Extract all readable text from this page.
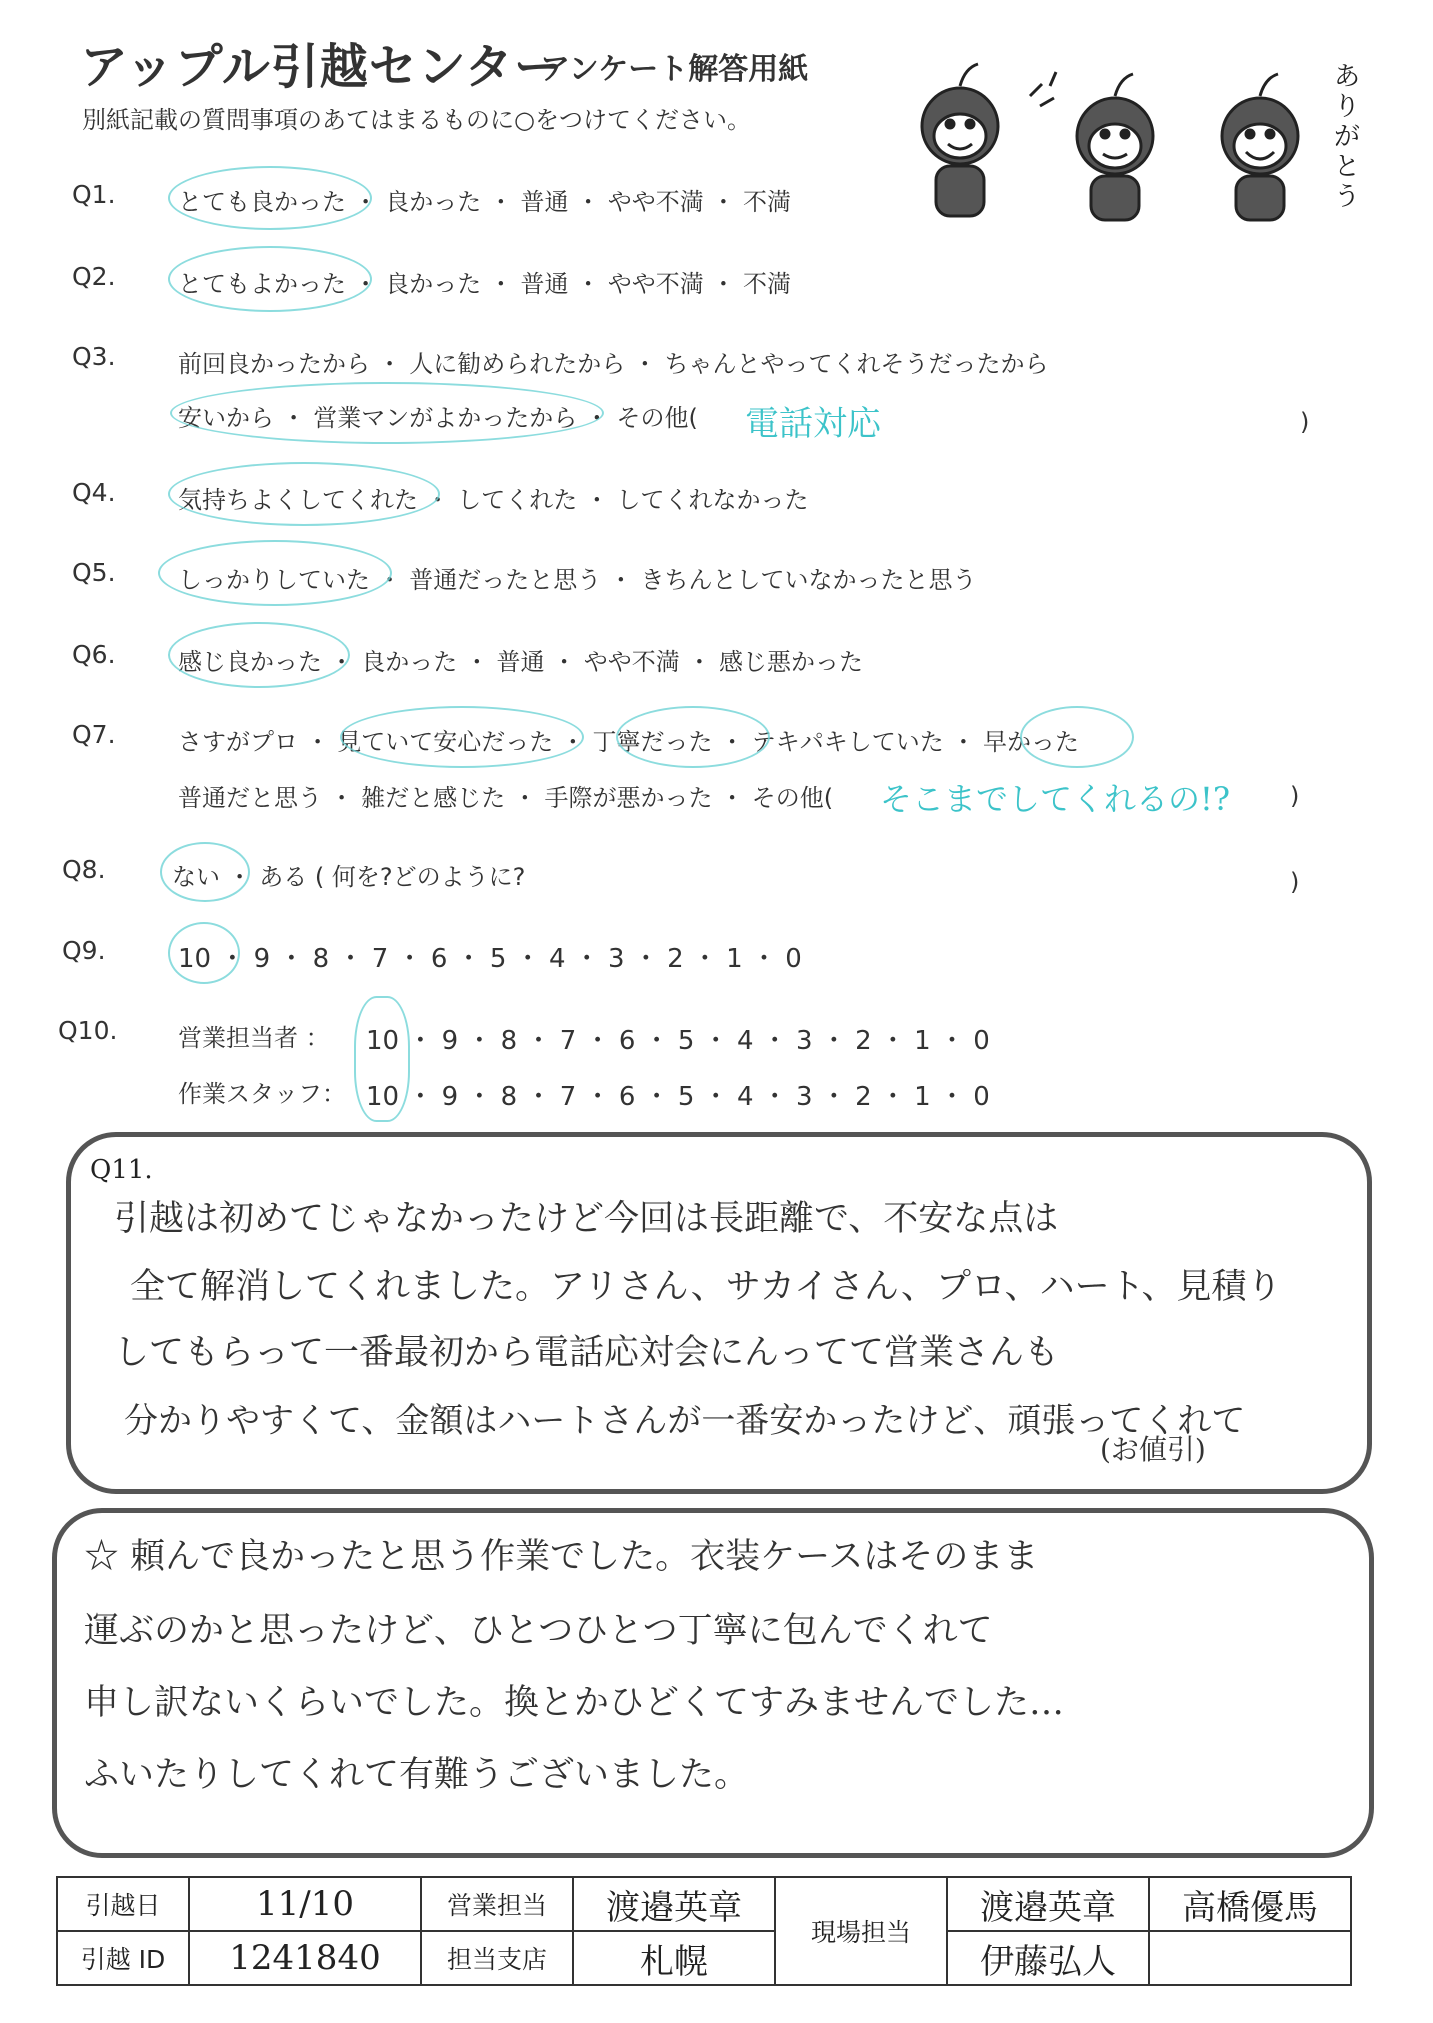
アップル引越センター
アンケート解答用紙
別紙記載の質問事項のあてはまるものに○をつけてください。
ありがとう
Q1.	とても良かった ・ 良かった ・ 普通 ・ やや不満 ・ 不満
Q2.	とてもよかった ・ 良かった ・ 普通 ・ やや不満 ・ 不満
Q3.	前回良かったから ・ 人に勧められたから ・ ちゃんとやってくれそうだったから
安いから ・ 営業マンがよかったから ・ その他( 電話対応	)
Q4.	気持ちよくしてくれた ・ してくれた ・ してくれなかった
Q5.	しっかりしていた ・ 普通だったと思う ・ きちんとしていなかったと思う
Q6.	感じ良かった ・ 良かった ・ 普通 ・ やや不満 ・ 感じ悪かった
Q7.	さすがプロ ・ 見ていて安心だった ・ 丁寧だった ・ テキパキしていた ・ 早かった
普通だと思う ・ 雑だと感じた ・ 手際が悪かった ・ その他( そこまでしてくれるの!? )
Q8.	ない ・ ある ( 何を?どのように?	)
Q9.	10 ・ 9 ・ 8 ・ 7 ・ 6 ・ 5 ・ 4 ・ 3 ・ 2 ・ 1 ・ 0
Q10.	営業担当者 ： 10 ・ 9 ・ 8 ・ 7 ・ 6 ・ 5 ・ 4 ・ 3 ・ 2 ・ 1 ・ 0
作業スタッフ： 10 ・ 9 ・ 8 ・ 7 ・ 6 ・ 5 ・ 4 ・ 3 ・ 2 ・ 1 ・ 0
Q11.
引越は初めてじゃなかったけど今回は長距離で、不安な点は
全て解消してくれました。アリさん、サカイさん、プロ、ハート、見積り
してもらって一番最初から電話応対会にんってて営業さんも
分かりやすくて、金額はハートさんが一番安かったけど、頑張ってくれて
(お値引)
☆ 頼んで良かったと思う作業でした。衣装ケースはそのまま
運ぶのかと思ったけど、ひとつひとつ丁寧に包んでくれて
申し訳ないくらいでした。換とかひどくてすみませんでした…
ふいたりしてくれて有難うございました。
引越日	11/10	営業担当	渡邉英章	現場担当	渡邉英章	高橋優馬
引越 ID	1241840	担当支店	札幌		伊藤弘人	
